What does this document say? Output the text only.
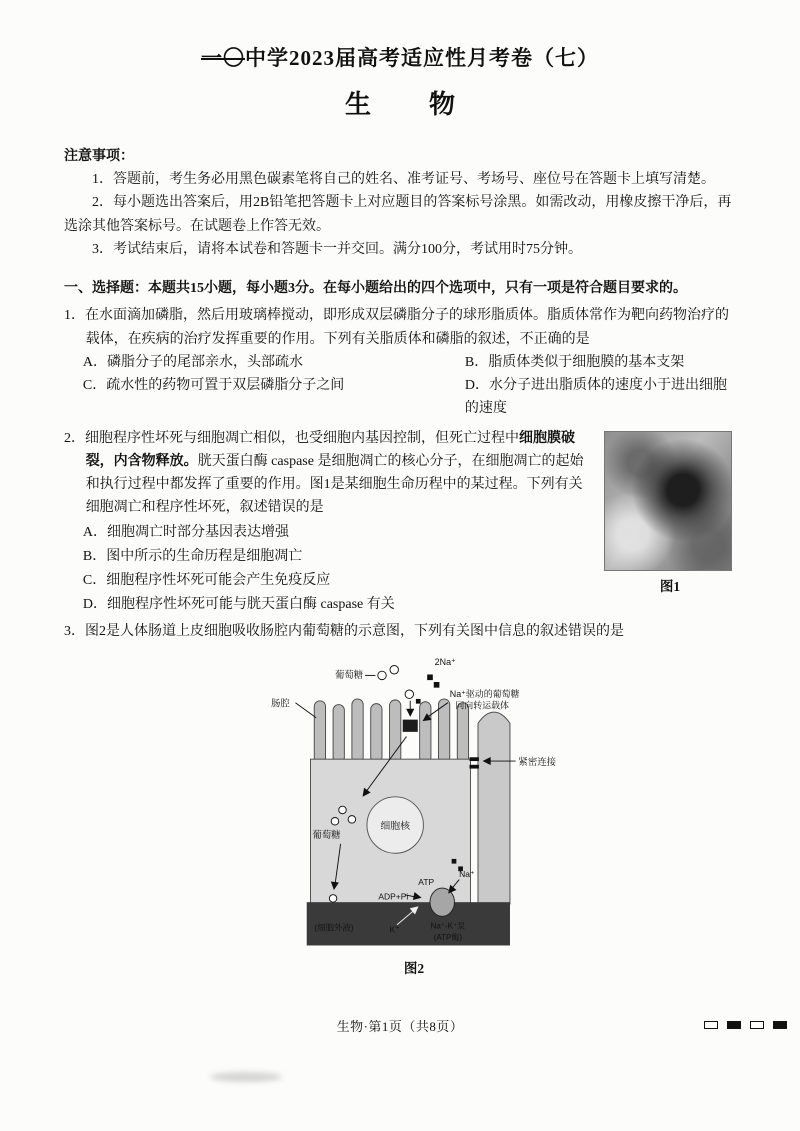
一〇中学2023届高考适应性月考卷（七）
生　物
注意事项：

1．答题前，考生务必用黑色碳素笔将自己的姓名、准考证号、考场号、座位号在答题卡上填写清楚。

2．每小题选出答案后，用2B铅笔把答题卡上对应题目的答案标号涂黑。如需改动，用橡皮擦干净后，再选涂其他答案标号。在试题卷上作答无效。

3．考试结束后，请将本试卷和答题卡一并交回。满分100分，考试用时75分钟。

一、选择题：本题共15小题，每小题3分。在每小题给出的四个选项中，只有一项是符合题目要求的。

1．在水面滴加磷脂，然后用玻璃棒搅动，即形成双层磷脂分子的球形脂质体。脂质体常作为靶向药物治疗的载体，在疾病的治疗发挥重要的作用。下列有关脂质体和磷脂的叙述，不正确的是

A．磷脂分子的尾部亲水，头部疏水	B．脂质体类似于细胞膜的基本支架
C．疏水性的药物可置于双层磷脂分子之间	D．水分子进出脂质体的速度小于进出细胞的速度

2．细胞程序性坏死与细胞凋亡相似，也受细胞内基因控制，但死亡过程中细胞膜破裂，内含物释放。胱天蛋白酶 caspase 是细胞凋亡的核心分子，在细胞凋亡的起始和执行过程中都发挥了重要的作用。图1是某细胞生命历程中的某过程。下列有关细胞凋亡和程序性坏死，叙述错误的是

A．细胞凋亡时部分基因表达增强
B．图中所示的生命历程是细胞凋亡
C．细胞程序性坏死可能会产生免疫反应
D．细胞程序性坏死可能与胱天蛋白酶 caspase 有关
图1

3．图2是人体肠道上皮细胞吸收肠腔内葡萄糖的示意图，下列有关图中信息的叙述错误的是

肠腔
葡萄糖
2Na⁺
Na⁺驱动的葡萄糖
同向转运载体
紧密连接
葡萄糖
细胞核
ADP+Pi
ATP
Na⁺
Na⁺-K⁺泵
(ATP酶)
K⁺
(细胞外液)
图2
生物·第1页（共8页）
